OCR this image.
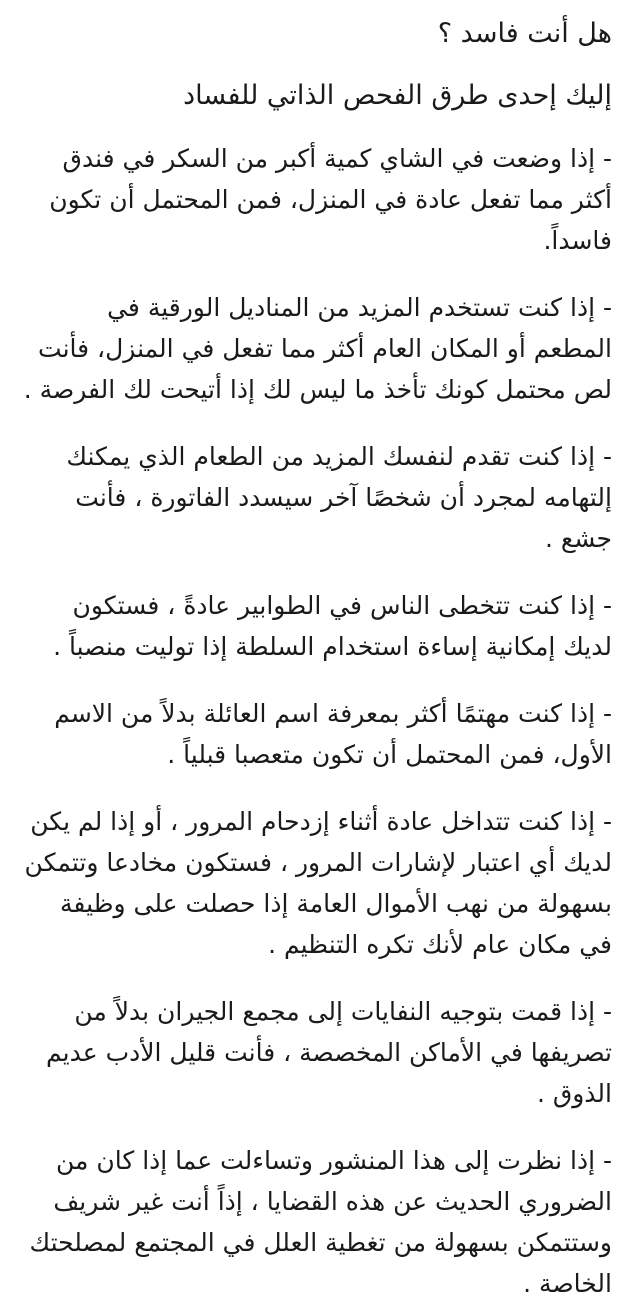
هل أنت فاسد ؟
إليك إحدى طرق الفحص الذاتي للفساد

- إذا وضعت في الشاي كمية أكبر من السكر في فندق أكثر مما تفعل عادة في المنزل، فمن المحتمل أن تكون فاسداً.

- إذا كنت تستخدم المزيد من المناديل الورقية في المطعم أو المكان العام أكثر مما تفعل في المنزل، فأنت لص محتمل كونك تأخذ ما ليس لك إذا أتيحت لك الفرصة .

- إذا كنت تقدم لنفسك المزيد من الطعام الذي يمكنك إلتهامه لمجرد أن شخصًا آخر سيسدد الفاتورة ، فأنت جشع .

- إذا كنت تتخطى الناس في الطوابير عادةً ، فستكون لديك إمكانية إساءة استخدام السلطة إذا توليت منصباً .

- إذا كنت مهتمًا أكثر بمعرفة اسم العائلة بدلاً من الاسم الأول، فمن المحتمل أن تكون متعصبا قبلياً .

- إذا كنت تتداخل عادة أثناء إزدحام المرور ، أو إذا لم يكن لديك أي اعتبار لإشارات المرور ، فستكون مخادعا وتتمكن بسهولة من نهب الأموال العامة إذا حصلت على وظيفة في مكان عام لأنك تكره التنظيم .

- إذا قمت بتوجيه النفايات إلى مجمع الجيران بدلاً من تصريفها في الأماكن المخصصة ، فأنت قليل الأدب عديم الذوق .

- إذا نظرت إلى هذا المنشور وتساءلت عما إذا كان من الضروري الحديث عن هذه القضايا ، إذاً أنت غير شريف وستتمكن بسهولة من تغطية العلل في المجتمع لمصلحتك الخاصة .
